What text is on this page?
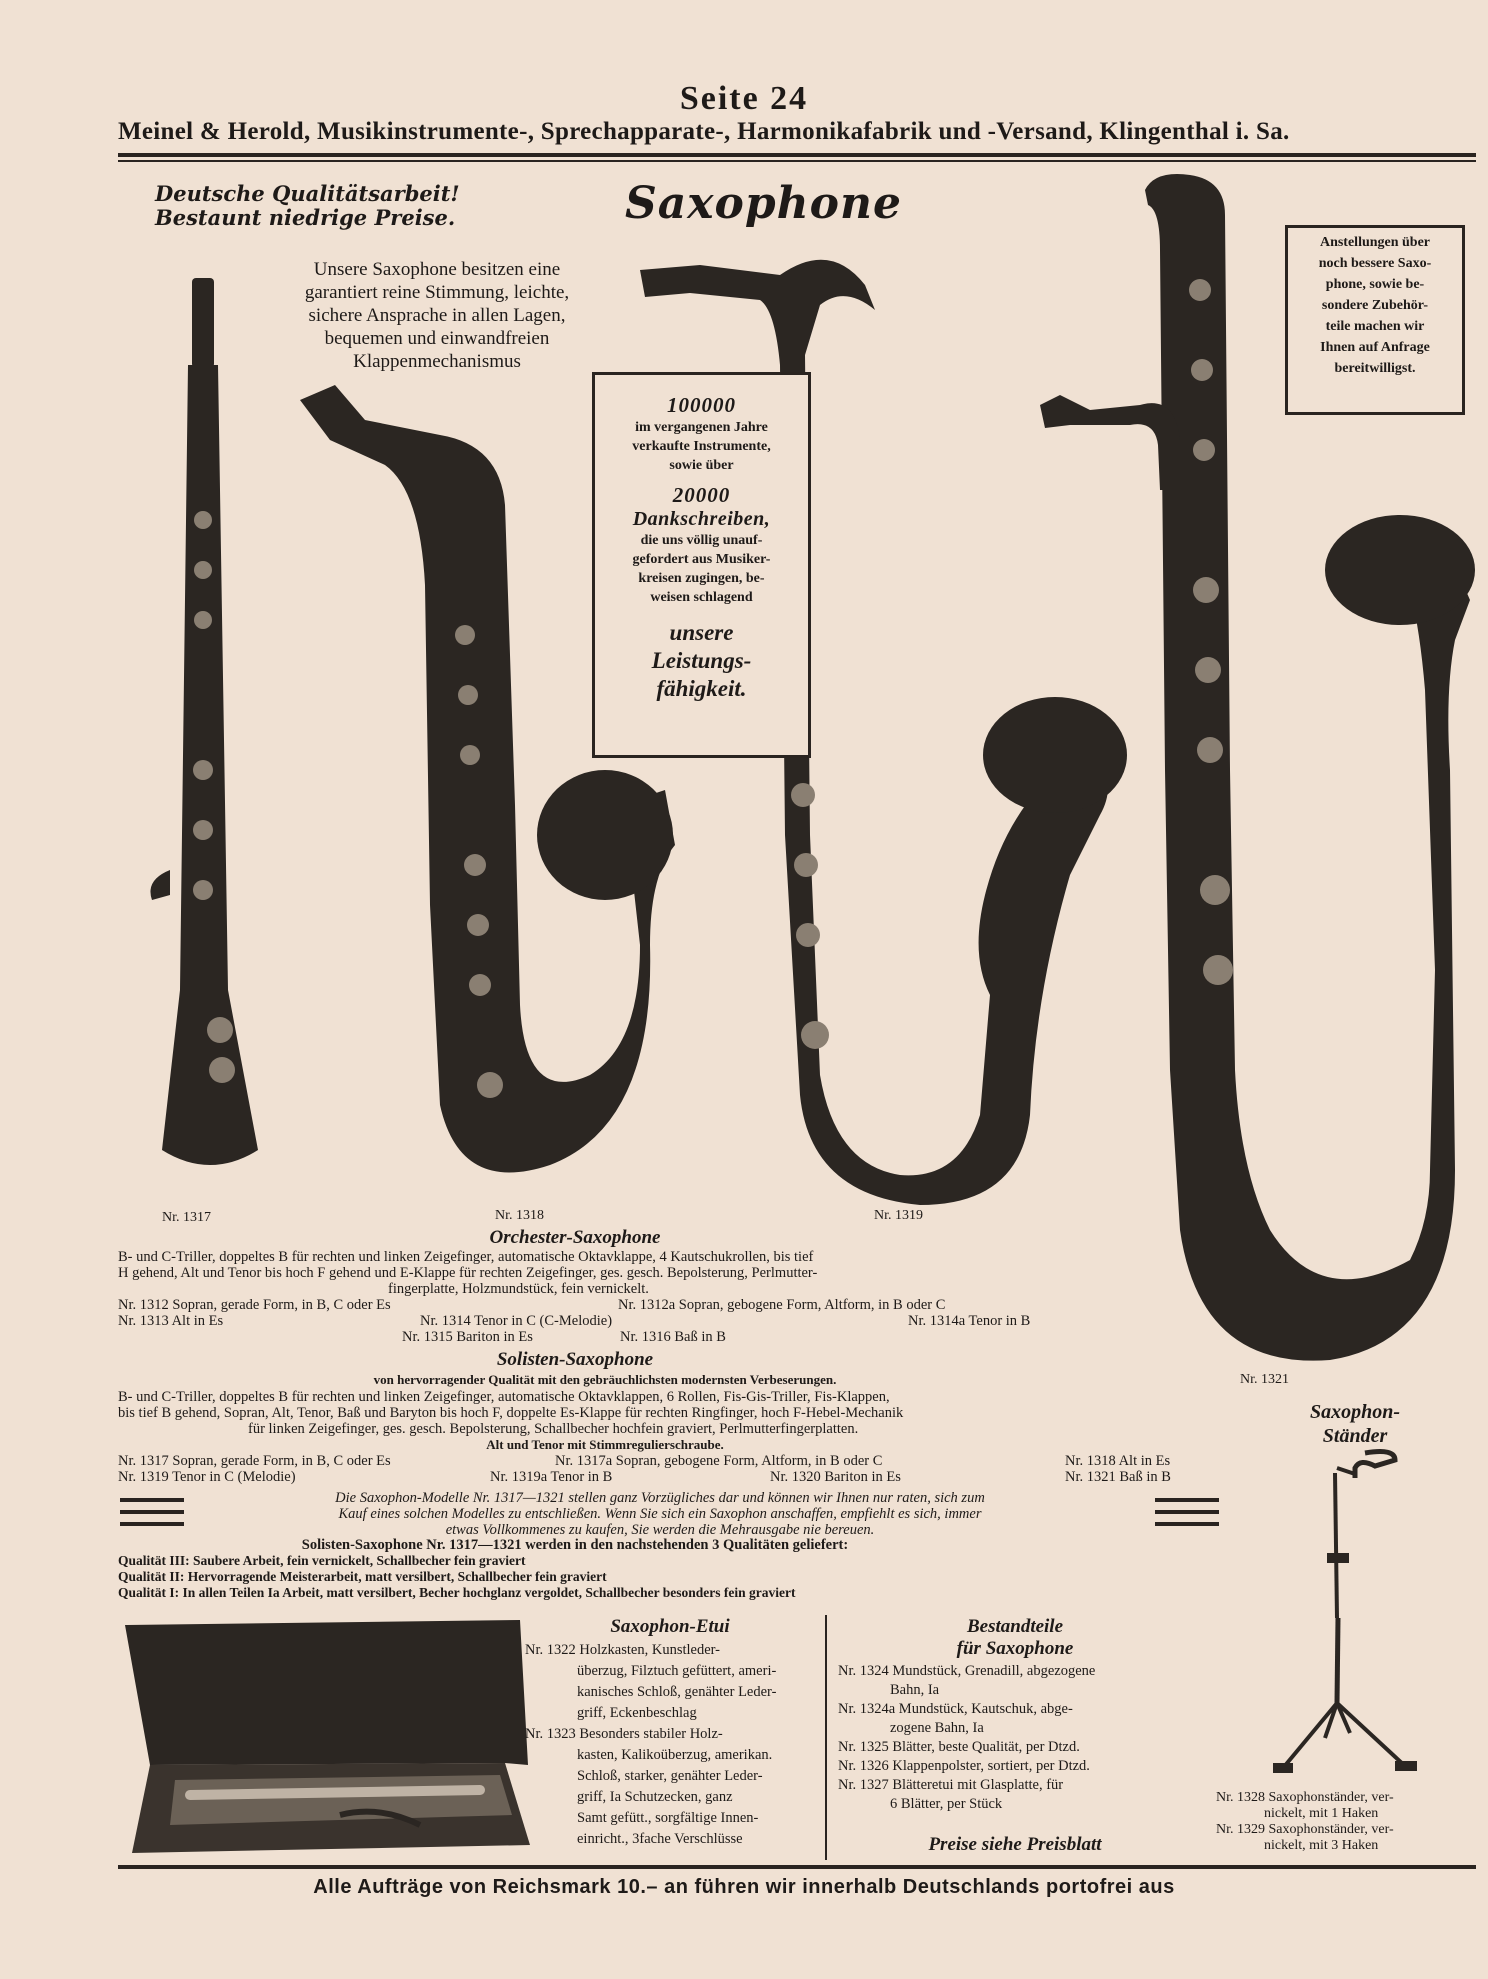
Seite 24
Meinel & Herold, Musikinstrumente-, Sprechapparate-, Harmonikafabrik und -Versand, Klingenthal i. Sa.
Deutsche Qualitätsarbeit!
Bestaunt niedrige Preise.	Saxophone
Unsere Saxophone besitzen eine
garantiert reine Stimmung, leichte,
sichere Ansprache in allen Lagen,
bequemen und einwandfreien
Klappenmechanismus
100000
im vergangenen Jahre
verkaufte Instrumente,
sowie über
20000
Dankschreiben,
die uns völlig unauf-
gefordert aus Musiker-
kreisen zugingen, be-
weisen schlagend
unsere
Leistungs-
fähigkeit.
Anstellungen über
noch bessere Saxo-
phone, sowie be-
sondere Zubehör-
teile machen wir
Ihnen auf Anfrage
bereitwilligst.
Nr. 1317	Nr. 1318	Nr. 1319
Nr. 1321
Orchester-Saxophone
B- und C-Triller, doppeltes B für rechten und linken Zeigefinger, automatische Oktavklappe, 4 Kautschukrollen, bis tief
H gehend, Alt und Tenor bis hoch F gehend und E-Klappe für rechten Zeigefinger, ges. gesch. Bepolsterung, Perlmutter-
fingerplatte, Holzmundstück, fein vernickelt.
Nr. 1312 Sopran, gerade Form, in B, C oder Es	Nr. 1312a Sopran, gebogene Form, Altform, in B oder C
Nr. 1313 Alt in Es	Nr. 1314 Tenor in C (C-Melodie)	Nr. 1314a Tenor in B
Nr. 1315 Bariton in Es	Nr. 1316 Baß in B
Solisten-Saxophone
von hervorragender Qualität mit den gebräuchlichsten modernsten Verbeserungen.
B- und C-Triller, doppeltes B für rechten und linken Zeigefinger, automatische Oktavklappen, 6 Rollen, Fis-Gis-Triller, Fis-Klappen,
bis tief B gehend, Sopran, Alt, Tenor, Baß und Baryton bis hoch F, doppelte Es-Klappe für rechten Ringfinger, hoch F-Hebel-Mechanik
für linken Zeigefinger, ges. gesch. Bepolsterung, Schallbecher hochfein graviert, Perlmutterfingerplatten.
Alt und Tenor mit Stimmregulierschraube.
Nr. 1317 Sopran, gerade Form, in B, C oder Es	Nr. 1317a Sopran, gebogene Form, Altform, in B oder C	Nr. 1318 Alt in Es
Nr. 1319 Tenor in C (Melodie)	Nr. 1319a Tenor in B	Nr. 1320 Bariton in Es	Nr. 1321 Baß in B
Die Saxophon-Modelle Nr. 1317—1321 stellen ganz Vorzügliches dar und können wir Ihnen nur raten, sich zum
Kauf eines solchen Modelles zu entschließen. Wenn Sie sich ein Saxophon anschaffen, empfiehlt es sich, immer
etwas Vollkommenes zu kaufen, Sie werden die Mehrausgabe nie bereuen.
Solisten-Saxophone Nr. 1317—1321 werden in den nachstehenden 3 Qualitäten geliefert:
Qualität III: Saubere Arbeit, fein vernickelt, Schallbecher fein graviert
Qualität II: Hervorragende Meisterarbeit, matt versilbert, Schallbecher fein graviert
Qualität I: In allen Teilen Ia Arbeit, matt versilbert, Becher hochglanz vergoldet, Schallbecher besonders fein graviert
Saxophon-
Ständer
Nr. 1328 Saxophonständer, ver-
nickelt, mit 1 Haken
Nr. 1329 Saxophonständer, ver-
nickelt, mit 3 Haken
Saxophon-Etui
Nr. 1322 Holzkasten, Kunstleder-
überzug, Filztuch gefüttert, ameri-
kanisches Schloß, genähter Leder-
griff, Eckenbeschlag
Nr. 1323 Besonders stabiler Holz-
kasten, Kalikoüberzug, amerikan.
Schloß, starker, genähter Leder-
griff, Ia Schutzecken, ganz
Samt gefütt., sorgfältige Innen-
einricht., 3fache Verschlüsse
Bestandteile
für Saxophone
Nr. 1324 Mundstück, Grenadill, abgezogene
Bahn, Ia
Nr. 1324a Mundstück, Kautschuk, abge-
zogene Bahn, Ia
Nr. 1325 Blätter, beste Qualität, per Dtzd.
Nr. 1326 Klappenpolster, sortiert, per Dtzd.
Nr. 1327 Blätteretui mit Glasplatte, für
6 Blätter, per Stück
Preise siehe Preisblatt
Alle Aufträge von Reichsmark 10.– an führen wir innerhalb Deutschlands portofrei aus
